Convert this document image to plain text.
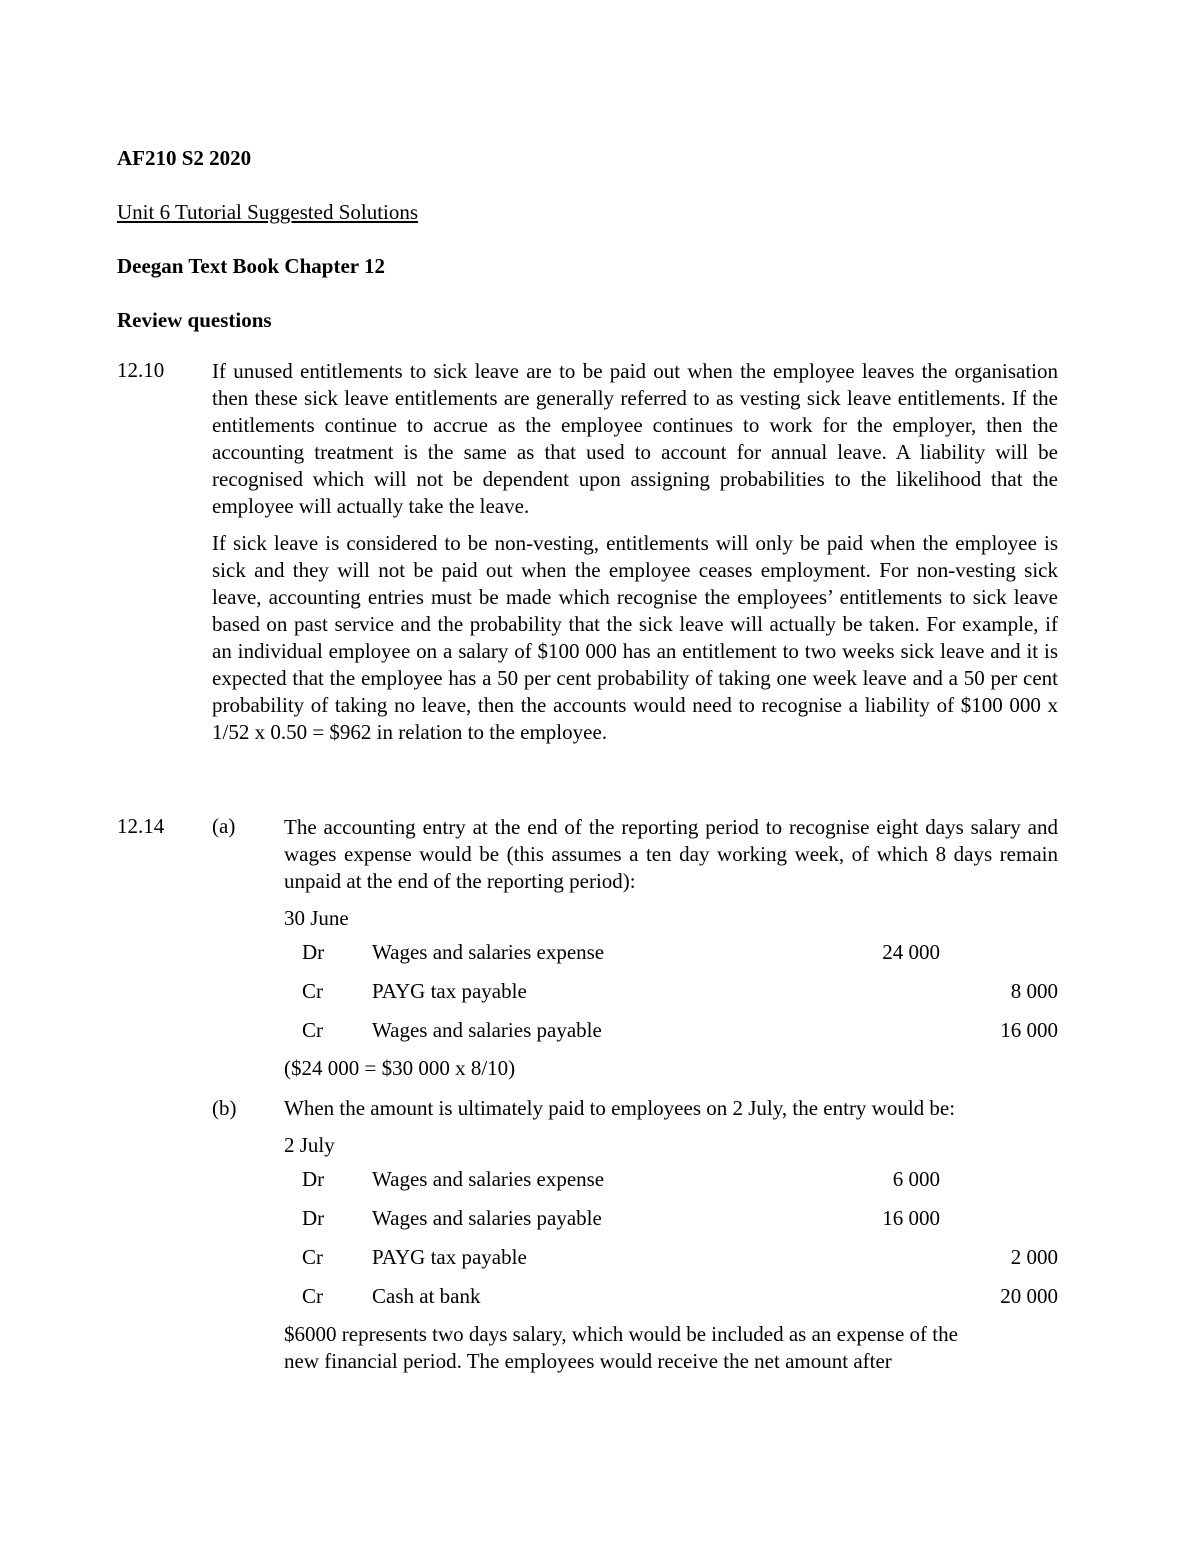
AF210 S2 2020
Unit 6 Tutorial Suggested Solutions
Deegan Text Book Chapter 12
Review questions
12.10 If unused entitlements to sick leave are to be paid out when the employee leaves the organisation then these sick leave entitlements are generally referred to as vesting sick leave entitlements. If the entitlements continue to accrue as the employee continues to work for the employer, then the accounting treatment is the same as that used to account for annual leave. A liability will be recognised which will not be dependent upon assigning probabilities to the likelihood that the employee will actually take the leave.
If sick leave is considered to be non-vesting, entitlements will only be paid when the employee is sick and they will not be paid out when the employee ceases employment. For non-vesting sick leave, accounting entries must be made which recognise the employees’ entitlements to sick leave based on past service and the probability that the sick leave will actually be taken. For example, if an individual employee on a salary of $100 000 has an entitlement to two weeks sick leave and it is expected that the employee has a 50 per cent probability of taking one week leave and a 50 per cent probability of taking no leave, then the accounts would need to recognise a liability of $100 000 x 1/52 x 0.50 = $962 in relation to the employee.
12.14 (a) The accounting entry at the end of the reporting period to recognise eight days salary and wages expense would be (this assumes a ten day working week, of which 8 days remain unpaid at the end of the reporting period):
30 June
Dr Wages and salaries expense	24 000
Cr PAYG tax payable	8 000
Cr Wages and salaries payable	16 000
($24 000 = $30 000 x 8/10)
(b) When the amount is ultimately paid to employees on 2 July, the entry would be:
2 July
Dr Wages and salaries expense	6 000
Dr Wages and salaries payable	16 000
Cr PAYG tax payable	2 000
Cr Cash at bank	20 000
$6000 represents two days salary, which would be included as an expense of the
new financial period. The employees would receive the net amount after
